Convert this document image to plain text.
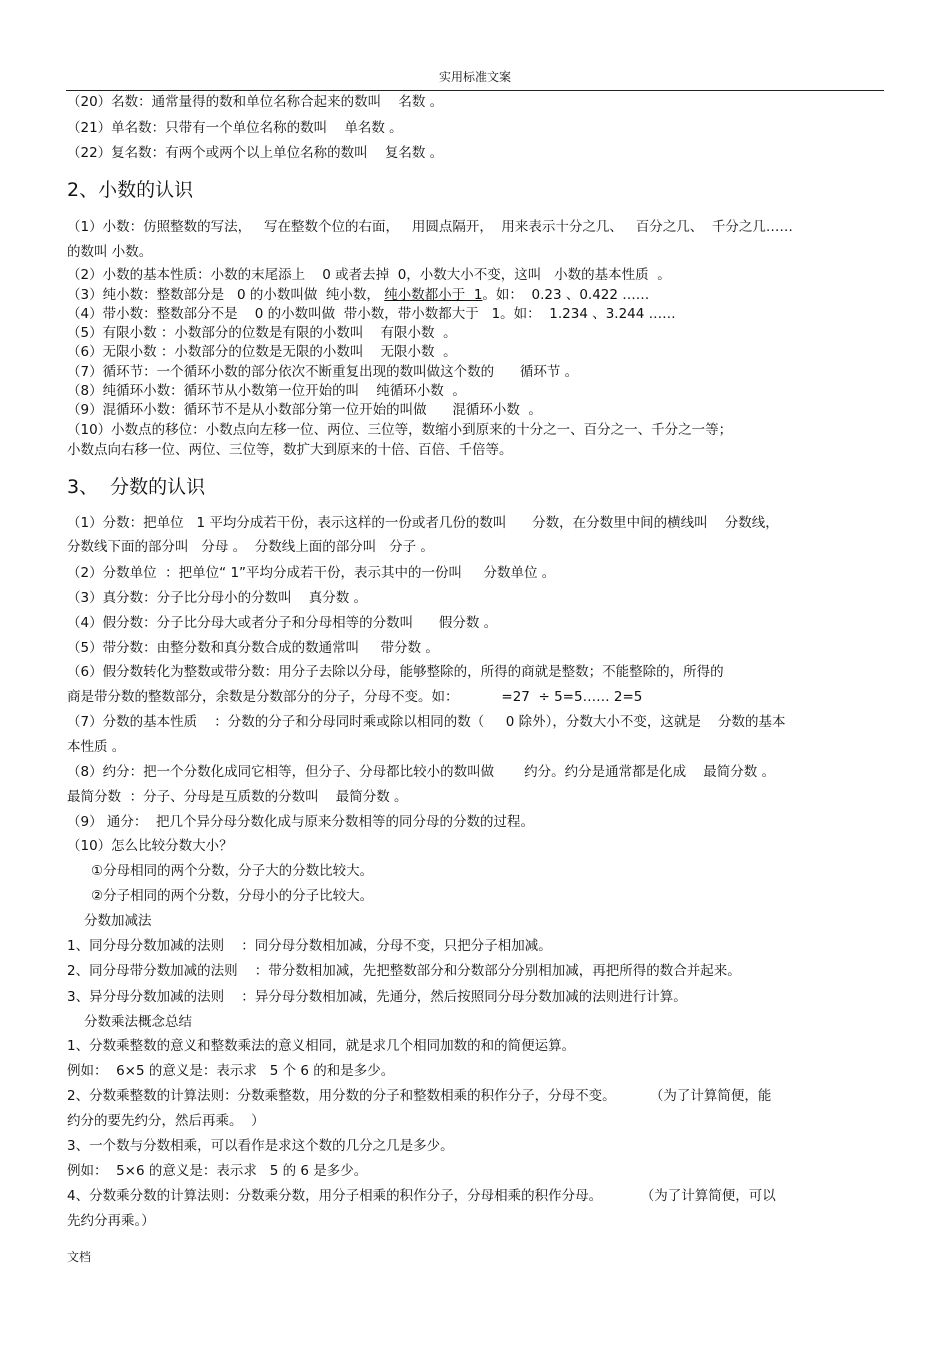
实用标准文案
（20）名数：通常量得的数和单位名称合起来的数叫    名数 。
（21）单名数：只带有一个单位名称的数叫    单名数 。
（22）复名数：有两个或两个以上单位名称的数叫    复名数 。
2、小数的认识
（1）小数：仿照整数的写法，   写在整数个位的右面，   用圆点隔开，  用来表示十分之几、   百分之几、  千分之几……
的数叫 小数。
（2）小数的基本性质：小数的末尾添上    0 或者去掉  0，小数大小不变，这叫   小数的基本性质  。
（3）纯小数：整数部分是   0 的小数叫做  纯小数， 纯小数都小于  1。如：  0.23 、0.422 ……
（4）带小数：整数部分不是    0 的小数叫做  带小数，带小数都大于   1。如：  1.234 、3.244 ……
（5）有限小数 ：小数部分的位数是有限的小数叫    有限小数  。
（6）无限小数 ：小数部分的位数是无限的小数叫    无限小数  。
（7）循环节：一个循环小数的部分依次不断重复出现的数叫做这个数的      循环节 。
（8）纯循环小数：循环节从小数第一位开始的叫    纯循环小数  。
（9）混循环小数：循环节不是从小数部分第一位开始的叫做      混循环小数  。
（10）小数点的移位：小数点向左移一位、两位、三位等，数缩小到原来的十分之一、百分之一、千分之一等；
小数点向右移一位、两位、三位等，数扩大到原来的十倍、百倍、千倍等。
3、  分数的认识
（1）分数：把单位   1 平均分成若干份，表示这样的一份或者几份的数叫      分数，在分数里中间的横线叫    分数线，
分数线下面的部分叫   分母 。  分数线上面的部分叫   分子 。
（2）分数单位  ：把单位“ 1”平均分成若干份，表示其中的一份叫     分数单位 。
（3）真分数：分子比分母小的分数叫    真分数 。
（4）假分数：分子比分母大或者分子和分母相等的分数叫      假分数 。
（5）带分数：由整分数和真分数合成的数通常叫     带分数 。
（6）假分数转化为整数或带分数：用分子去除以分母，能够整除的，所得的商就是整数；不能整除的，所得的
商是带分数的整数部分，余数是分数部分的分子，分母不变。如：          =27  ÷ 5=5…… 2=5
（7）分数的基本性质    ：分数的分子和分母同时乘或除以相同的数（     0 除外），分数大小不变，这就是    分数的基本
本性质 。
（8）约分：把一个分数化成同它相等，但分子、分母都比较小的数叫做       约分。约分是通常都是化成    最简分数 。
最简分数  ：分子、分母是互质数的分数叫    最简分数 。
（9） 通分：  把几个异分母分数化成与原来分数相等的同分母的分数的过程。
（10）怎么比较分数大小？
①分母相同的两个分数，分子大的分数比较大。
②分子相同的两个分数，分母小的分子比较大。
分数加减法
1、同分母分数加减的法则    ：同分母分数相加减，分母不变，只把分子相加减。
2、同分母带分数加减的法则    ：带分数相加减，先把整数部分和分数部分分别相加减，再把所得的数合并起来。
3、异分母分数加减的法则    ：异分母分数相加减，先通分，然后按照同分母分数加减的法则进行计算。
分数乘法概念总结
1、分数乘整数的意义和整数乘法的意义相同，就是求几个相同加数的和的简便运算。
例如：  6×5 的意义是：表示求   5 个 6 的和是多少。
2、分数乘整数的计算法则：分数乘整数，用分数的分子和整数相乘的积作分子，分母不变。        （为了计算简便，能
约分的要先约分，然后再乘。  ）
3、一个数与分数相乘，可以看作是求这个数的几分之几是多少。
例如：  5×6 的意义是：表示求   5 的 6 是多少。
4、分数乘分数的计算法则：分数乘分数，用分子相乘的积作分子，分母相乘的积作分母。         （为了计算简便，可以
先约分再乘。）
文档
